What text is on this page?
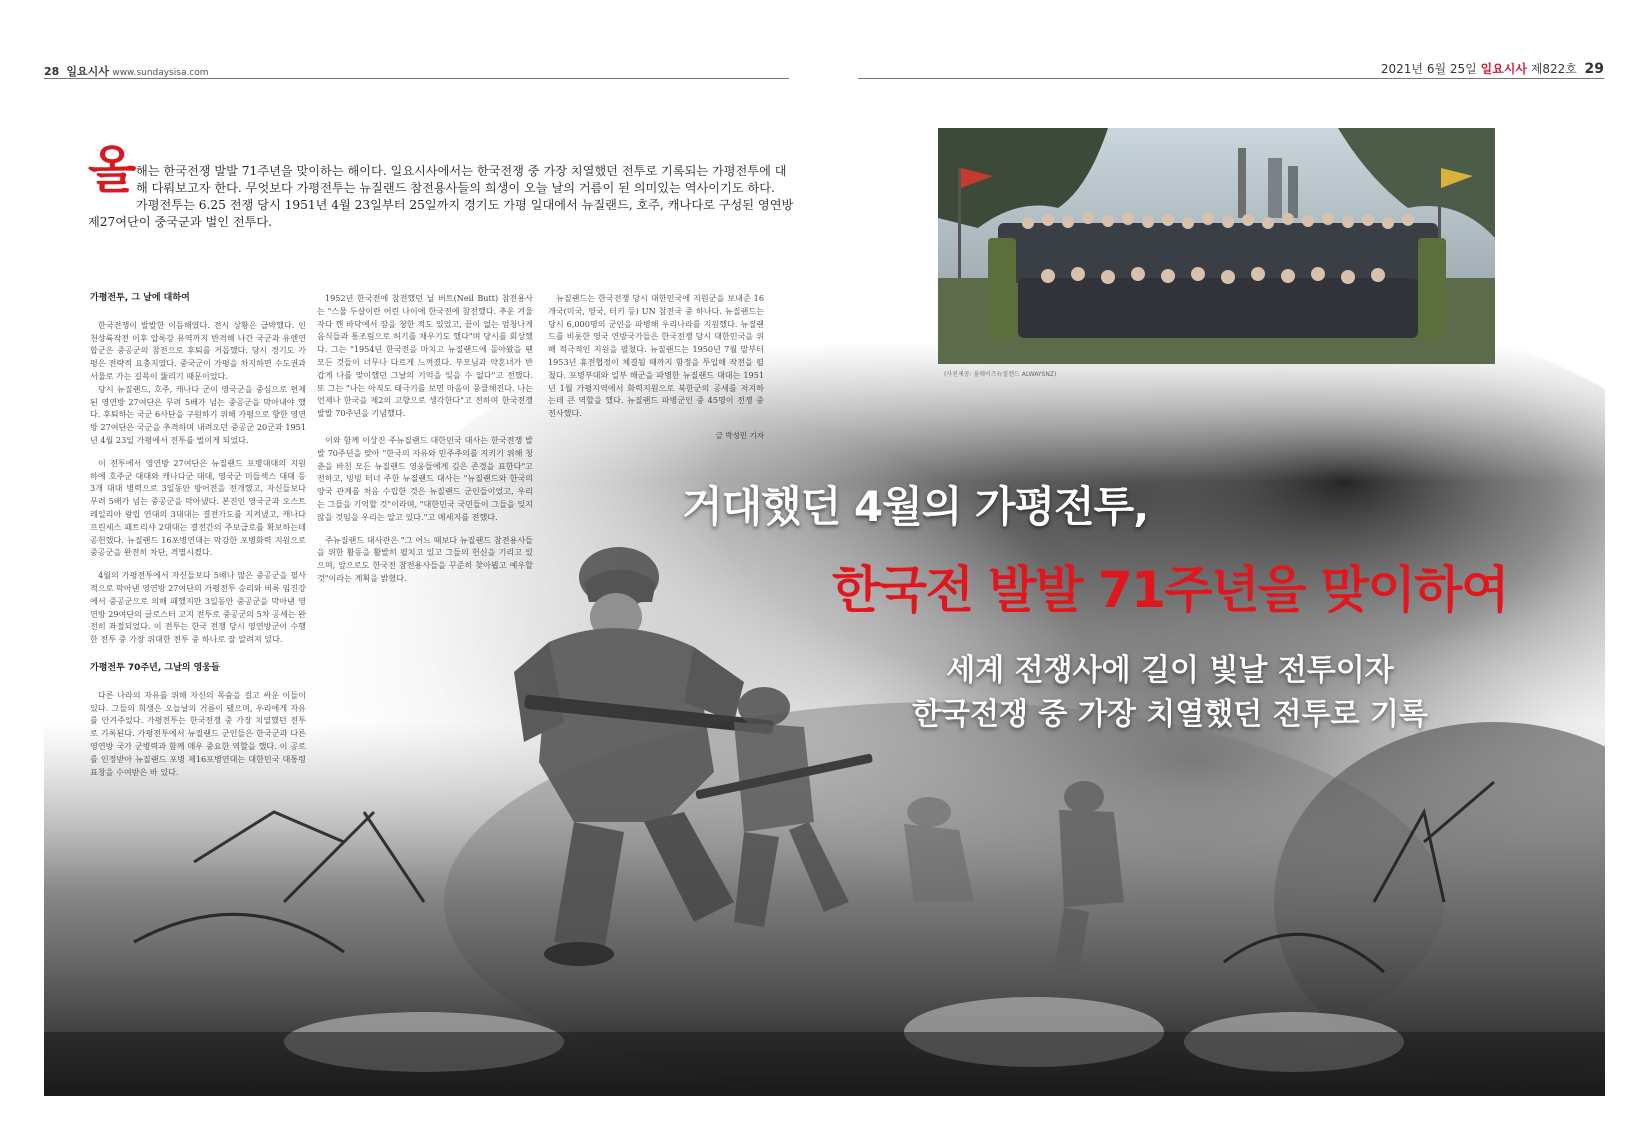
28 일요시사 www.sundaysisa.com	2021년 6월 25일 일요시사 제822호 29
올 해는 한국전쟁 발발 71주년을 맞이하는 해이다. 일요시사에서는 한국전쟁 중 가장 치열했던 전투로 기록되는 가평전투에 대
해 다뤄보고자 한다. 무엇보다 가평전투는 뉴질랜드 참전용사들의 희생이 오늘 날의 거름이 된 의미있는 역사이기도 하다.
가평전투는 6.25 전쟁 당시 1951년 4월 23일부터 25일까지 경기도 가평 일대에서 뉴질랜드, 호주, 캐나다로 구성된 영연방
제27여단이 중국군과 벌인 전투다.
(사진제공: 올웨이즈뉴질랜드 ALWAYSNZ)
가평전투, 그 날에 대하여

한국전쟁이 발발한 이듬해였다. 전시 상황은 급박했다. 인천상륙작전 이후 압록강 유역까지 반격해 나간 국군과 유엔연합군은 중공군의 참전으로 후퇴를 거듭했다. 당시 경기도 가평은 전략적 요충지였다. 중국군이 가평을 차지하면 수도권과 서울로 가는 길목이 뚫리기 때문이었다.

당시 뉴질랜드, 호주, 캐나다 군이 영국군을 중심으로 편제된 영연방 27여단은 무려 5배가 넘는 중공군을 막아내야 했다. 후퇴하는 국군 6사단을 구원하기 위해 가평으로 향한 영연방 27여단은 국군을 추격하며 내려오던 중공군 20군과 1951년 4월 23일 가평에서 전투를 벌이게 되었다.

이 전투에서 영연방 27여단은 뉴질랜드 포병대대의 지원 하에 호주군 대대와 캐나다군 대대, 영국군 미들섹스 대대 등 3개 대대 병력으로 3일동안 방어전을 전개했고, 자신들보다 무려 5배가 넘는 중공군을 막아냈다. 본진인 영국군과 오스트레일리아 왕립 연대의 3대대는 결전가도를 지켜냈고, 캐나다 프린세스 패트리샤 2대대는 결전간의 주보급로를 확보하는데 공헌했다. 뉴질랜드 16포병연대는 막강한 포병화력 지원으로 중공군을 완전히 차단, 격멸시켰다.

4월의 가평전투에서 자신들보다 5배나 많은 중공군을 필사적으로 막아낸 영연방 27여단의 가평전투 승리와 비록 임진강에서 중공군으로 의해 패했지만 3일동안 중공군을 막아낸 영연방 29여단의 글로스터 고지 전투로 중공군의 5차 공세는 완전히 좌절되었다. 이 전투는 한국 전쟁 당시 영연방군이 수행한 전투 중 가장 위대한 전투 중 하나로 잘 알려져 있다.

가평전투 70주년, 그날의 영웅들

다른 나라의 자유를 위해 자신의 목숨을 걸고 싸운 이들이 있다. 그들의 희생은 오늘날의 거름이 됐으며, 우리에게 자유를 안겨주었다. 가평전투는 한국전쟁 중 가장 치열했던 전투로 기록된다. 가평전투에서 뉴질랜드 군인들은 한국군과 다른 영연방 국가 군병력과 함께 매우 중요한 역할을 했다. 이 공로를 인정받아 뉴질랜드 포병 제16포병연대는 대한민국 대통령 표창을 수여받은 바 있다.

1952년 한국전에 참전했던 닐 버트(Neil Butt) 참전용사는 "스물 두살이란 어린 나이에 한국전에 참전했다. 추운 겨울 자다 깬 바닥에서 잠을 청한 적도 있었고, 끝이 없는 엄청나게 음식들과 통조림으로 허기를 채우기도 했다"며 당시를 회상했다. 그는 "1954년 한국전을 마치고 뉴질랜드에 돌아왔을 땐 모든 것들이 너무나 다르게 느껴졌다. 부모님과 약혼녀가 반갑게 나를 맞이했던 그날의 기억을 잊을 수 없다"고 전했다. 또 그는 "나는 아직도 태극기를 보면 마음이 뭉클해진다. 나는 언제나 한국을 제2의 고향으로 생각한다"고 전하며 한국전쟁 발발 70주년을 기념했다.

이와 함께 이상진 주뉴질랜드 대한민국 대사는 한국전쟁 발발 70주년을 맞아 "한국의 자유와 민주주의를 지키기 위해 청춘을 바친 모든 뉴질랜드 영웅들에게 깊은 존경을 표한다"고 전하고, 빙빙 터너 주한 뉴질랜드 대사는 "뉴질랜드와 한국의 양국 관계를 처음 수립한 것은 뉴질랜드 군인들이었고, 우리는 그들을 기억할 것"이라며, "대한민국 국민들이 그들을 잊지 않을 것임을 우리는 알고 있다."고 메세지를 전했다.

주뉴질랜드 대사관은 "그 어느 때보다 뉴질랜드 참전용사들을 위한 활동을 활발히 펼치고 있고 그들의 헌신을 기리고 있으며, 앞으로도 한국전 참전용사들을 꾸준히 찾아뵙고 예우할 것"이라는 계획을 밝혔다.

뉴질랜드는 한국전쟁 당시 대한민국에 지원군을 보내준 16개국(미국, 영국, 터키 등) UN 참전국 중 하나다. 뉴질랜드는 당시 6,000명의 군인을 파병해 우리나라를 지원했다. 뉴질랜드를 비롯한 영국 연방국가들은 한국전쟁 당시 대한민국을 위해 적극적인 지원을 펼쳤다. 뉴질랜드는 1950년 7월 말부터 1953년 휴전협정이 체결될 때까지 함정을 투입해 작전을 펼쳤다. 포병부대와 일부 해군을 파병한 뉴질랜드 대대는 1951년 1월 가평지역에서 화력지원으로 북한군의 공세를 저지하는데 큰 역할을 했다. 뉴질랜드 파병군인 중 45명이 전쟁 중 전사했다.

글 박성민 기자
거대했던 4월의 가평전투,
한국전 발발 71주년을 맞이하여
세계 전쟁사에 길이 빛날 전투이자
한국전쟁 중 가장 치열했던 전투로 기록
